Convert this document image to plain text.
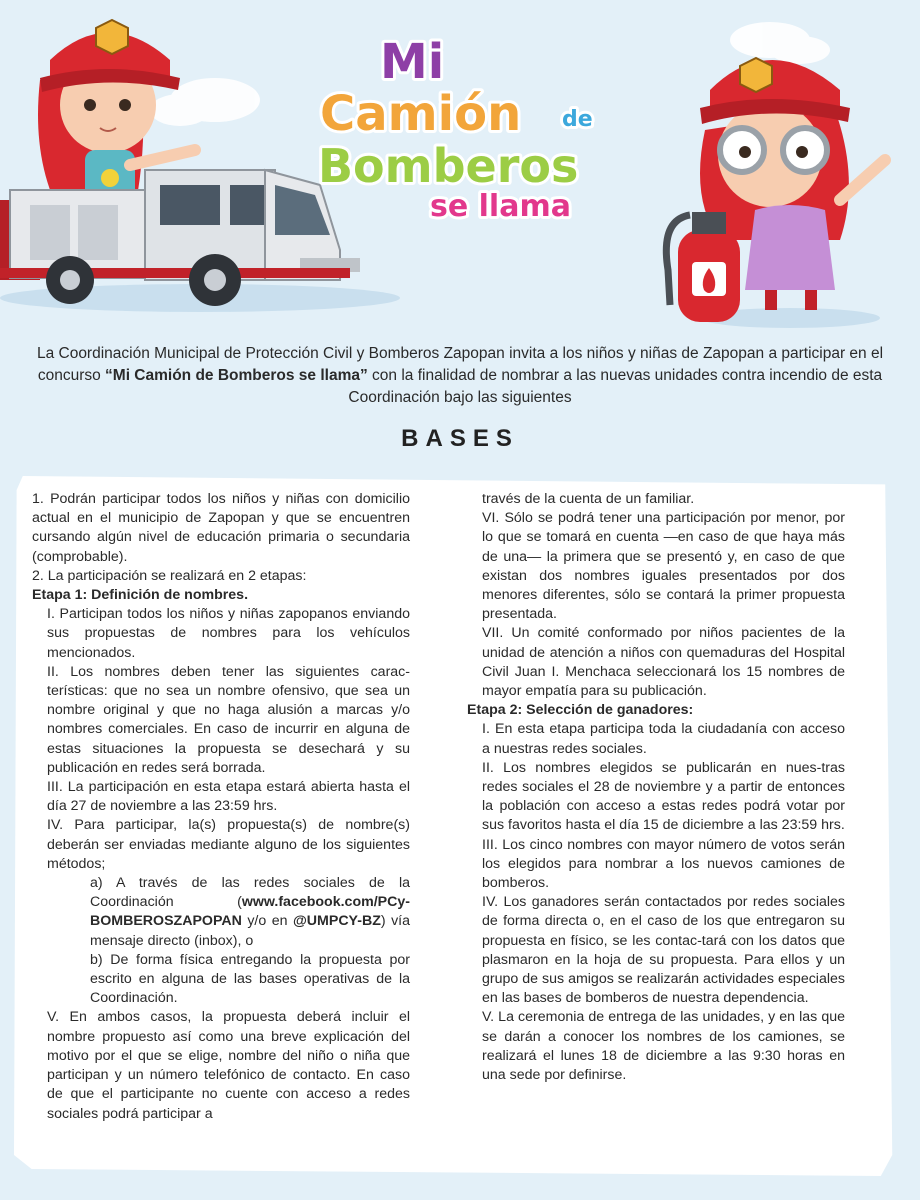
Mi
Camión de
Bomberos
se llama
La Coordinación Municipal de Protección Civil y Bomberos Zapopan invita a los niños y niñas de Zapopan a participar en el concurso “Mi Camión de Bomberos se llama” con la finalidad de nombrar a las nuevas unidades contra incendio de esta Coordinación bajo las siguientes
BASES

1. Podrán participar todos los niños y niñas con domicilio actual en el municipio de Zapopan y que se encuentren cursando algún nivel de educación primaria o secundaria (comprobable).

2. La participación se realizará en 2 etapas:

Etapa 1: Definición de nombres.

I. Participan todos los niños y niñas zapopanos enviando sus propuestas de nombres para los vehículos mencionados.

II. Los nombres deben tener las siguientes carac-terísticas: que no sea un nombre ofensivo, que sea un nombre original y que no haga alusión a marcas y/o nombres comerciales. En caso de incurrir en alguna de estas situaciones la propuesta se desechará y su publicación en redes será borrada.

III. La participación en esta etapa estará abierta hasta el día 27 de noviembre a las 23:59 hrs.

IV. Para participar, la(s) propuesta(s) de nombre(s) deberán ser enviadas mediante alguno de los siguientes métodos;

a) A través de las redes sociales de la Coordinación (www.facebook.com/PCy-BOMBEROSZAPOPAN y/o en @UMPCY-BZ) vía mensaje directo (inbox), o

b) De forma física entregando la propuesta por escrito en alguna de las bases operativas de la Coordinación.

V. En ambos casos, la propuesta deberá incluir el nombre propuesto así como una breve explicación del motivo por el que se elige, nombre del niño o niña que participan y un número telefónico de contacto. En caso de que el participante no cuente con acceso a redes sociales podrá participar a

través de la cuenta de un familiar.

VI. Sólo se podrá tener una participación por menor, por lo que se tomará en cuenta —en caso de que haya más de una— la primera que se presentó y, en caso de que existan dos nombres iguales presentados por dos menores diferentes, sólo se contará la primer propuesta presentada.

VII. Un comité conformado por niños pacientes de la unidad de atención a niños con quemaduras del Hospital Civil Juan I. Menchaca seleccionará los 15 nombres de mayor empatía para su publicación.

Etapa 2: Selección de ganadores:

I. En esta etapa participa toda la ciudadanía con acceso a nuestras redes sociales.

II. Los nombres elegidos se publicarán en nues-tras redes sociales el 28 de noviembre y a partir de entonces la población con acceso a estas redes podrá votar por sus favoritos hasta el día 15 de diciembre a las 23:59 hrs.

III. Los cinco nombres con mayor número de votos serán los elegidos para nombrar a los nuevos camiones de bomberos.

IV. Los ganadores serán contactados por redes sociales de forma directa o, en el caso de los que entregaron su propuesta en físico, se les contac-tará con los datos que plasmaron en la hoja de su propuesta. Para ellos y un grupo de sus amigos se realizarán actividades especiales en las bases de bomberos de nuestra dependencia.

V. La ceremonia de entrega de las unidades, y en las que se darán a conocer los nombres de los camiones, se realizará el lunes 18 de diciembre a las 9:30 horas en una sede por definirse.
